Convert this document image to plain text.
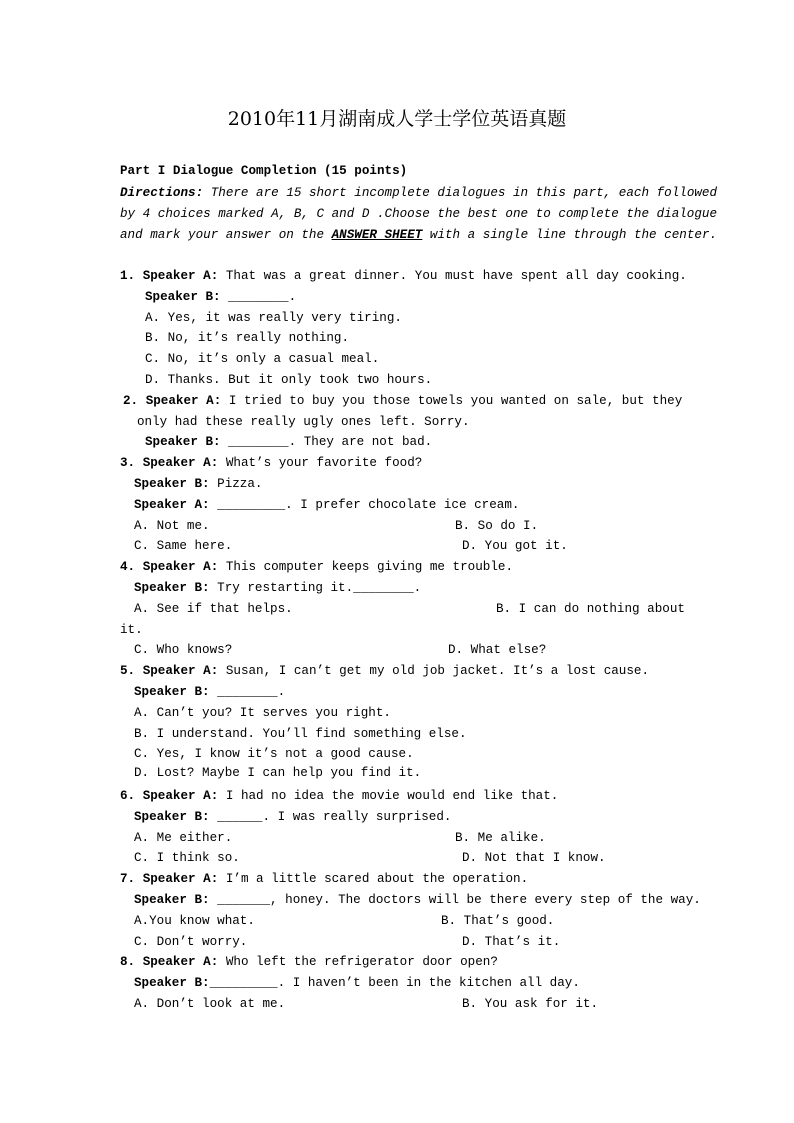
2010年11月湖南成人学士学位英语真题
Part I Dialogue Completion (15 points)
Directions: There are 15 short incomplete dialogues in this part, each followed
by 4 choices marked A, B, C and D .Choose the best one to complete the dialogue
and mark your answer on the ANSWER SHEET with a single line through the center.
1. Speaker A: That was a great dinner. You must have spent all day cooking.
Speaker B: ________.
A. Yes, it was really very tiring.
B. No, it’s really nothing.
C. No, it’s only a casual meal.
D. Thanks. But it only took two hours.
2. Speaker A: I tried to buy you those towels you wanted on sale, but they
only had these really ugly ones left. Sorry.
Speaker B: ________. They are not bad.
3. Speaker A: What’s your favorite food?
Speaker B: Pizza.
Speaker A: _________. I prefer chocolate ice cream.
A. Not me.	B. So do I.
C. Same here.	D. You got it.
4. Speaker A: This computer keeps giving me trouble.
Speaker B: Try restarting it.________.
A. See if that helps.	B. I can do nothing about
it.
C. Who knows?	D. What else?
5. Speaker A: Susan, I can’t get my old job jacket. It’s a lost cause.
Speaker B: ________.
A. Can’t you? It serves you right.
B. I understand. You’ll find something else.
C. Yes, I know it’s not a good cause.
D. Lost? Maybe I can help you find it.
6. Speaker A: I had no idea the movie would end like that.
Speaker B: ______. I was really surprised.
A. Me either.	B. Me alike.
C. I think so.	D. Not that I know.
7. Speaker A: I’m a little scared about the operation.
Speaker B: _______, honey. The doctors will be there every step of the way.
A.You know what.	B. That’s good.
C. Don’t worry.	D. That’s it.
8. Speaker A: Who left the refrigerator door open?
Speaker B:_________. I haven’t been in the kitchen all day.
A. Don’t look at me.	B. You ask for it.
